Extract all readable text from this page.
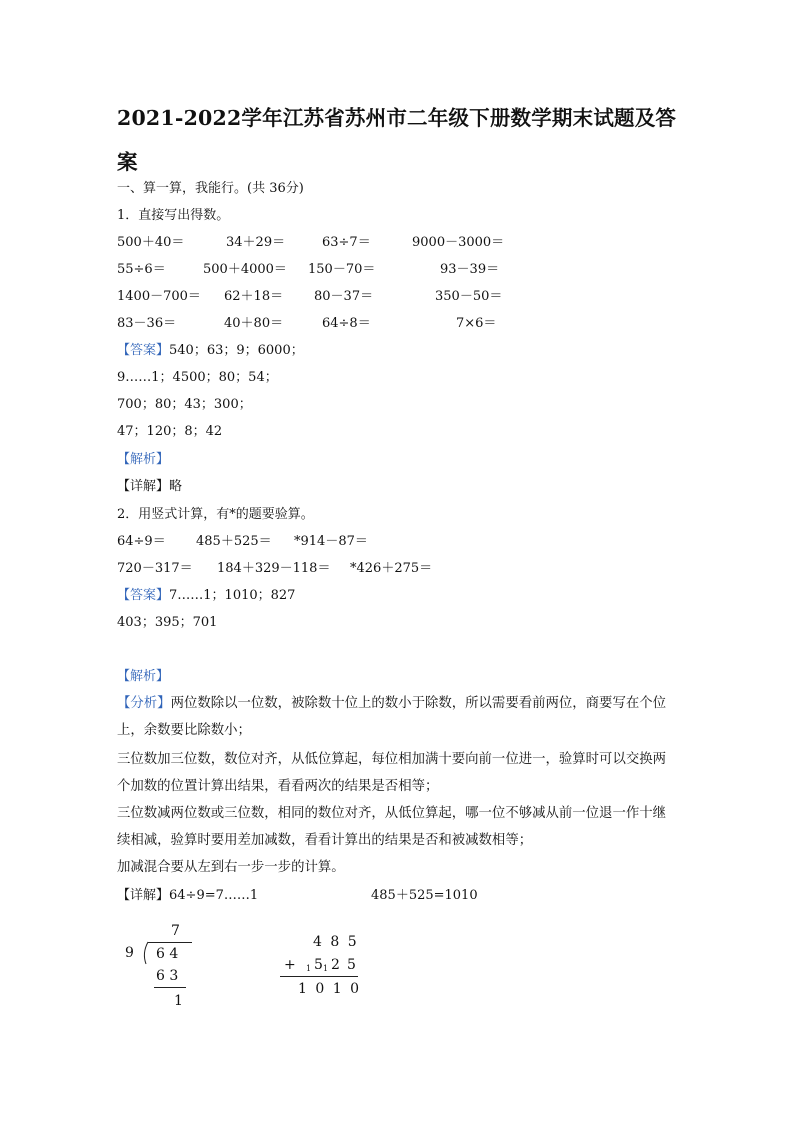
2021-2022学年江苏省苏州市二年级下册数学期末试题及答案
一、算一算，我能行。(共 36分)
1．直接写出得数。
500＋40＝	34＋29＝	63÷7＝	9000－3000＝
55÷6＝	500＋4000＝ 150－70＝	93－39＝
1400－700＝ 62＋18＝ 80－37＝	350－50＝
83－36＝	40＋80＝	64÷8＝	7×6＝
【答案】540；63；9；6000；
9……1；4500；80；54；
700；80；43；300；
47；120；8；42
【解析】
【详解】略
2．用竖式计算，有*的题要验算。
64÷9＝ 485＋525＝ *914－87＝
720－317＝ 184＋329－118＝ *426＋275＝
【答案】7……1；1010；827
403；395；701
【解析】
【分析】两位数除以一位数，被除数十位上的数小于除数，所以需要看前两位，商要写在个位上，余数要比除数小；
三位数加三位数，数位对齐，从低位算起，每位相加满十要向前一位进一，验算时可以交换两个加数的位置计算出结果，看看两次的结果是否相等；
三位数减两位数或三位数，相同的数位对齐，从低位算起，哪一位不够减从前一位退一作十继续相减，验算时要用差加减数，看看计算出的结果是否和被减数相等；
加减混合要从左到右一步一步的计算。
【详解】64÷9=7……1	485＋525=1010
7
9 6 4
6 3
1
4 8 5
+ 1 5 1 2 5
1 0 1 0
